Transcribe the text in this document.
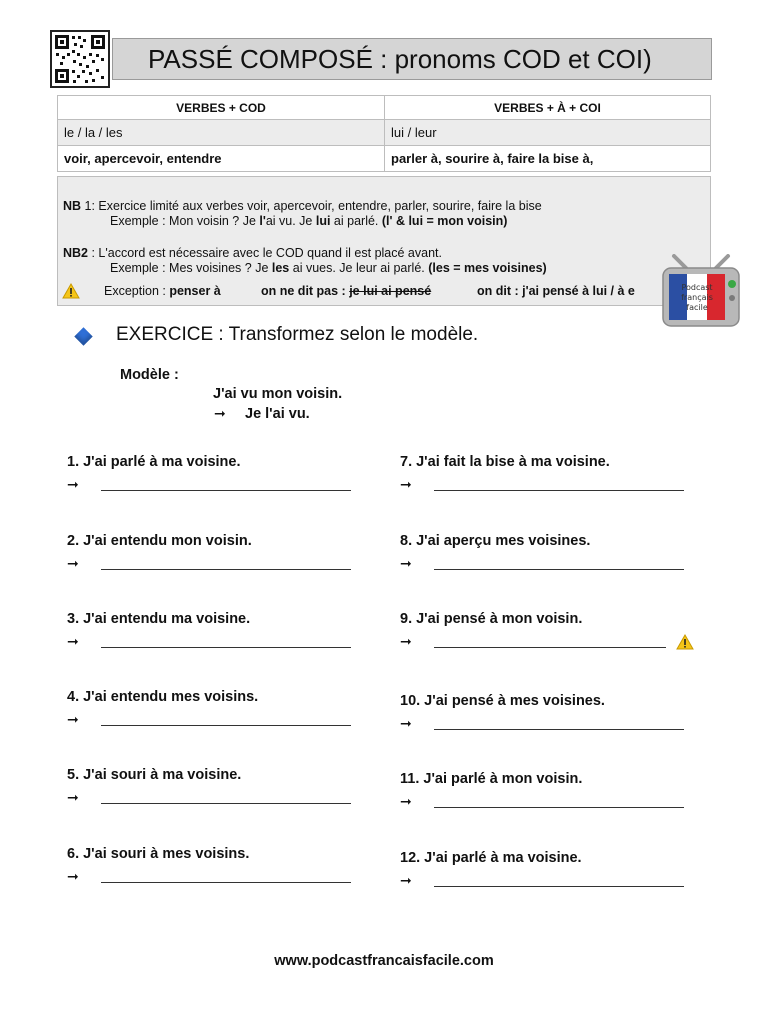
PASSÉ COMPOSÉ : pronoms COD et COI)
VERBES + COD	VERBES + À + COI
le / la / les	lui / leur
voir, apercevoir, entendre	parler à, sourire à, faire la bise à,
NB 1: Exercice limité aux verbes voir, apercevoir, entendre, parler, sourire, faire la bise
Exemple : Mon voisin ? Je l'ai vu. Je lui ai parlé. (l' & lui = mon voisin)
NB2 : L'accord est nécessaire avec le COD quand il est placé avant.
Exemple : Mes voisines ? Je les ai vues. Je leur ai parlé. (les = mes voisines)
Exception : penser à	on ne dit pas : je lui ai pensé	on dit : j'ai pensé à lui / à e	Podcast
français
facile
EXERCICE : Transformez selon le modèle.
Modèle :
J'ai vu mon voisin.
➞ Je l'ai vu.
1. J'ai parlé à ma voisine.
➞
2. J'ai entendu mon voisin.
➞
3. J'ai entendu ma voisine.
➞
4. J'ai entendu mes voisins.
➞
5. J'ai souri à ma voisine.
➞
6. J'ai souri à mes voisins.
➞
7. J'ai fait la bise à ma voisine.
➞
8. J'ai aperçu mes voisines.
➞
9. J'ai pensé à mon voisin.
➞
10. J'ai pensé à mes voisines.
➞
11. J'ai parlé à mon voisin.
➞
12. J'ai parlé à ma voisine.
➞
www.podcastfrancaisfacile.com
